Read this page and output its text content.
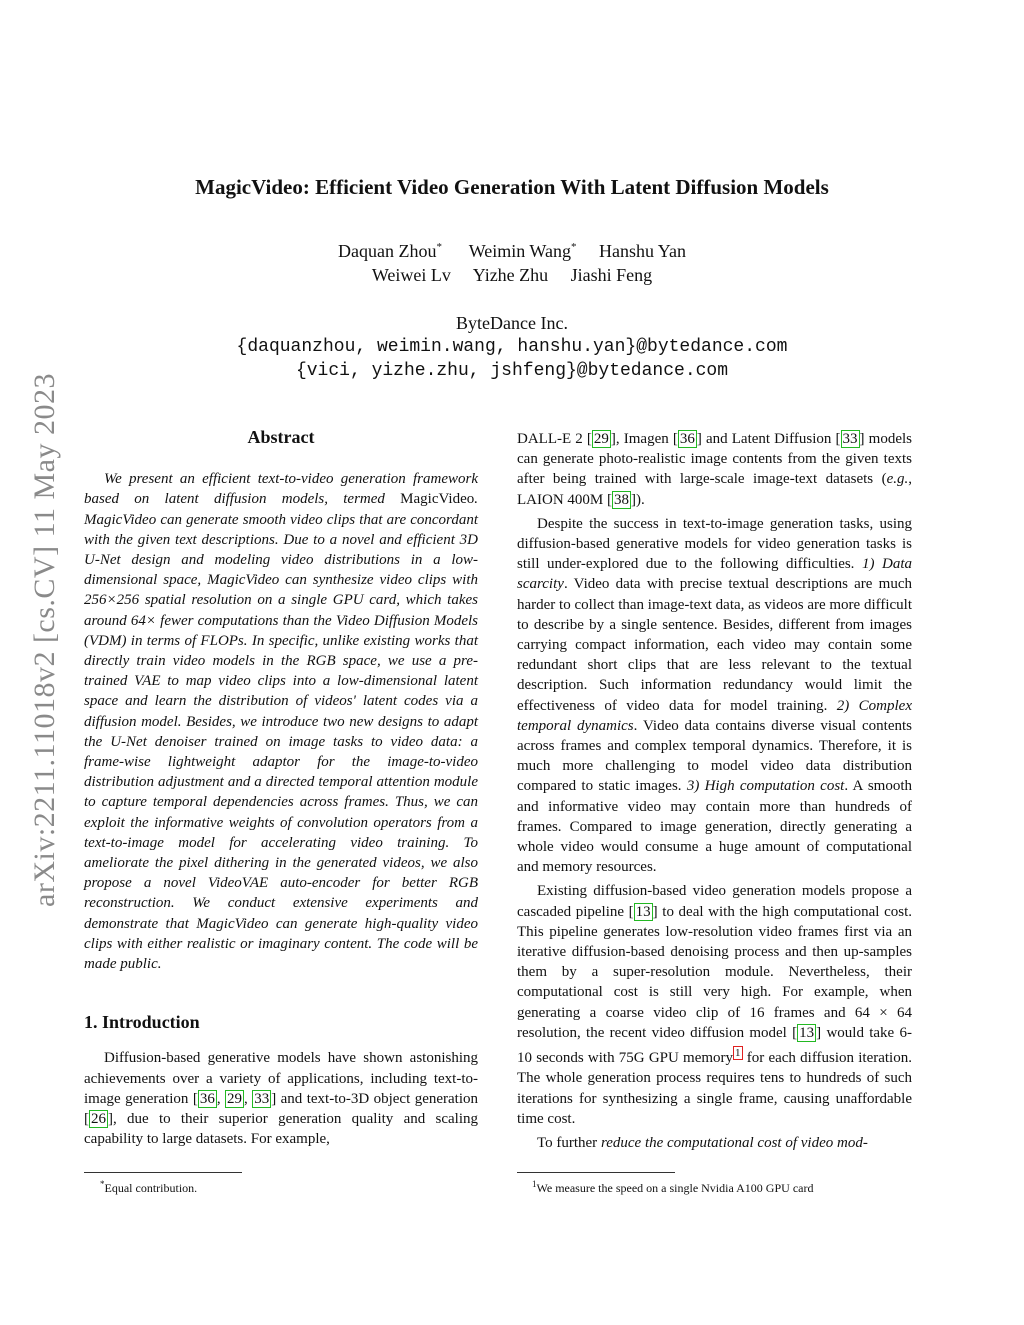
arXiv:2211.11018v2 [cs.CV] 11 May 2023
MagicVideo: Efficient Video Generation With Latent Diffusion Models
Daquan Zhou* Weimin Wang* Hanshu Yan
Weiwei Lv Yizhe Zhu Jiashi Feng
ByteDance Inc.
{daquanzhou, weimin.wang, hanshu.yan}@bytedance.com
{vici, yizhe.zhu, jshfeng}@bytedance.com
Abstract

We present an efficient text-to-video generation framework based on latent diffusion models, termed MagicVideo. MagicVideo can generate smooth video clips that are concordant with the given text descriptions. Due to a novel and efficient 3D U-Net design and modeling video distributions in a low-dimensional space, MagicVideo can synthesize video clips with 256×256 spatial resolution on a single GPU card, which takes around 64× fewer computations than the Video Diffusion Models (VDM) in terms of FLOPs. In specific, unlike existing works that directly train video models in the RGB space, we use a pre-trained VAE to map video clips into a low-dimensional latent space and learn the distribution of videos' latent codes via a diffusion model. Besides, we introduce two new designs to adapt the U-Net denoiser trained on image tasks to video data: a frame-wise lightweight adaptor for the image-to-video distribution adjustment and a directed temporal attention module to capture temporal dependencies across frames. Thus, we can exploit the informative weights of convolution operators from a text-to-image model for accelerating video training. To ameliorate the pixel dithering in the generated videos, we also propose a novel VideoVAE auto-encoder for better RGB reconstruction. We conduct extensive experiments and demonstrate that MagicVideo can generate high-quality video clips with either realistic or imaginary content. The code will be made public.

1. Introduction

Diffusion-based generative models have shown astonishing achievements over a variety of applications, including text-to-image generation [ 36 , 29 , 33 ] and text-to-3D object generation [ 26 ], due to their superior generation quality and scaling capability to large datasets. For example,

*Equal contribution.

DALL-E 2 [ 29 ], Imagen [ 36 ] and Latent Diffusion [ 33 ] models can generate photo-realistic image contents from the given texts after being trained with large-scale image-text datasets (e.g., LAION 400M [ 38 ]).

Despite the success in text-to-image generation tasks, using diffusion-based generative models for video generation tasks is still under-explored due to the following difficulties. 1) Data scarcity. Video data with precise textual descriptions are much harder to collect than image-text data, as videos are more difficult to describe by a single sentence. Besides, different from images carrying compact information, each video may contain some redundant short clips that are less relevant to the textual description. Such information redundancy would limit the effectiveness of video data for model training. 2) Complex temporal dynamics. Video data contains diverse visual contents across frames and complex temporal dynamics. Therefore, it is much more challenging to model video data distribution compared to static images. 3) High computation cost. A smooth and informative video may contain more than hundreds of frames. Compared to image generation, directly generating a whole video would consume a huge amount of computational and memory resources.

Existing diffusion-based video generation models propose a cascaded pipeline [ 13 ] to deal with the high computational cost. This pipeline generates low-resolution video frames first via an iterative diffusion-based denoising process and then up-samples them by a super-resolution module. Nevertheless, their computational cost is still very high. For example, when generating a coarse video clip of 16 frames and 64 × 64 resolution, the recent video diffusion model [ 13 ] would take 6-10 seconds with 75G GPU memory $^1$ for each diffusion iteration. The whole generation process requires tens to hundreds of such iterations for synthesizing a single frame, causing unaffordable time cost.

To further reduce the computational cost of video mod-

$^1$We measure the speed on a single Nvidia A100 GPU card
